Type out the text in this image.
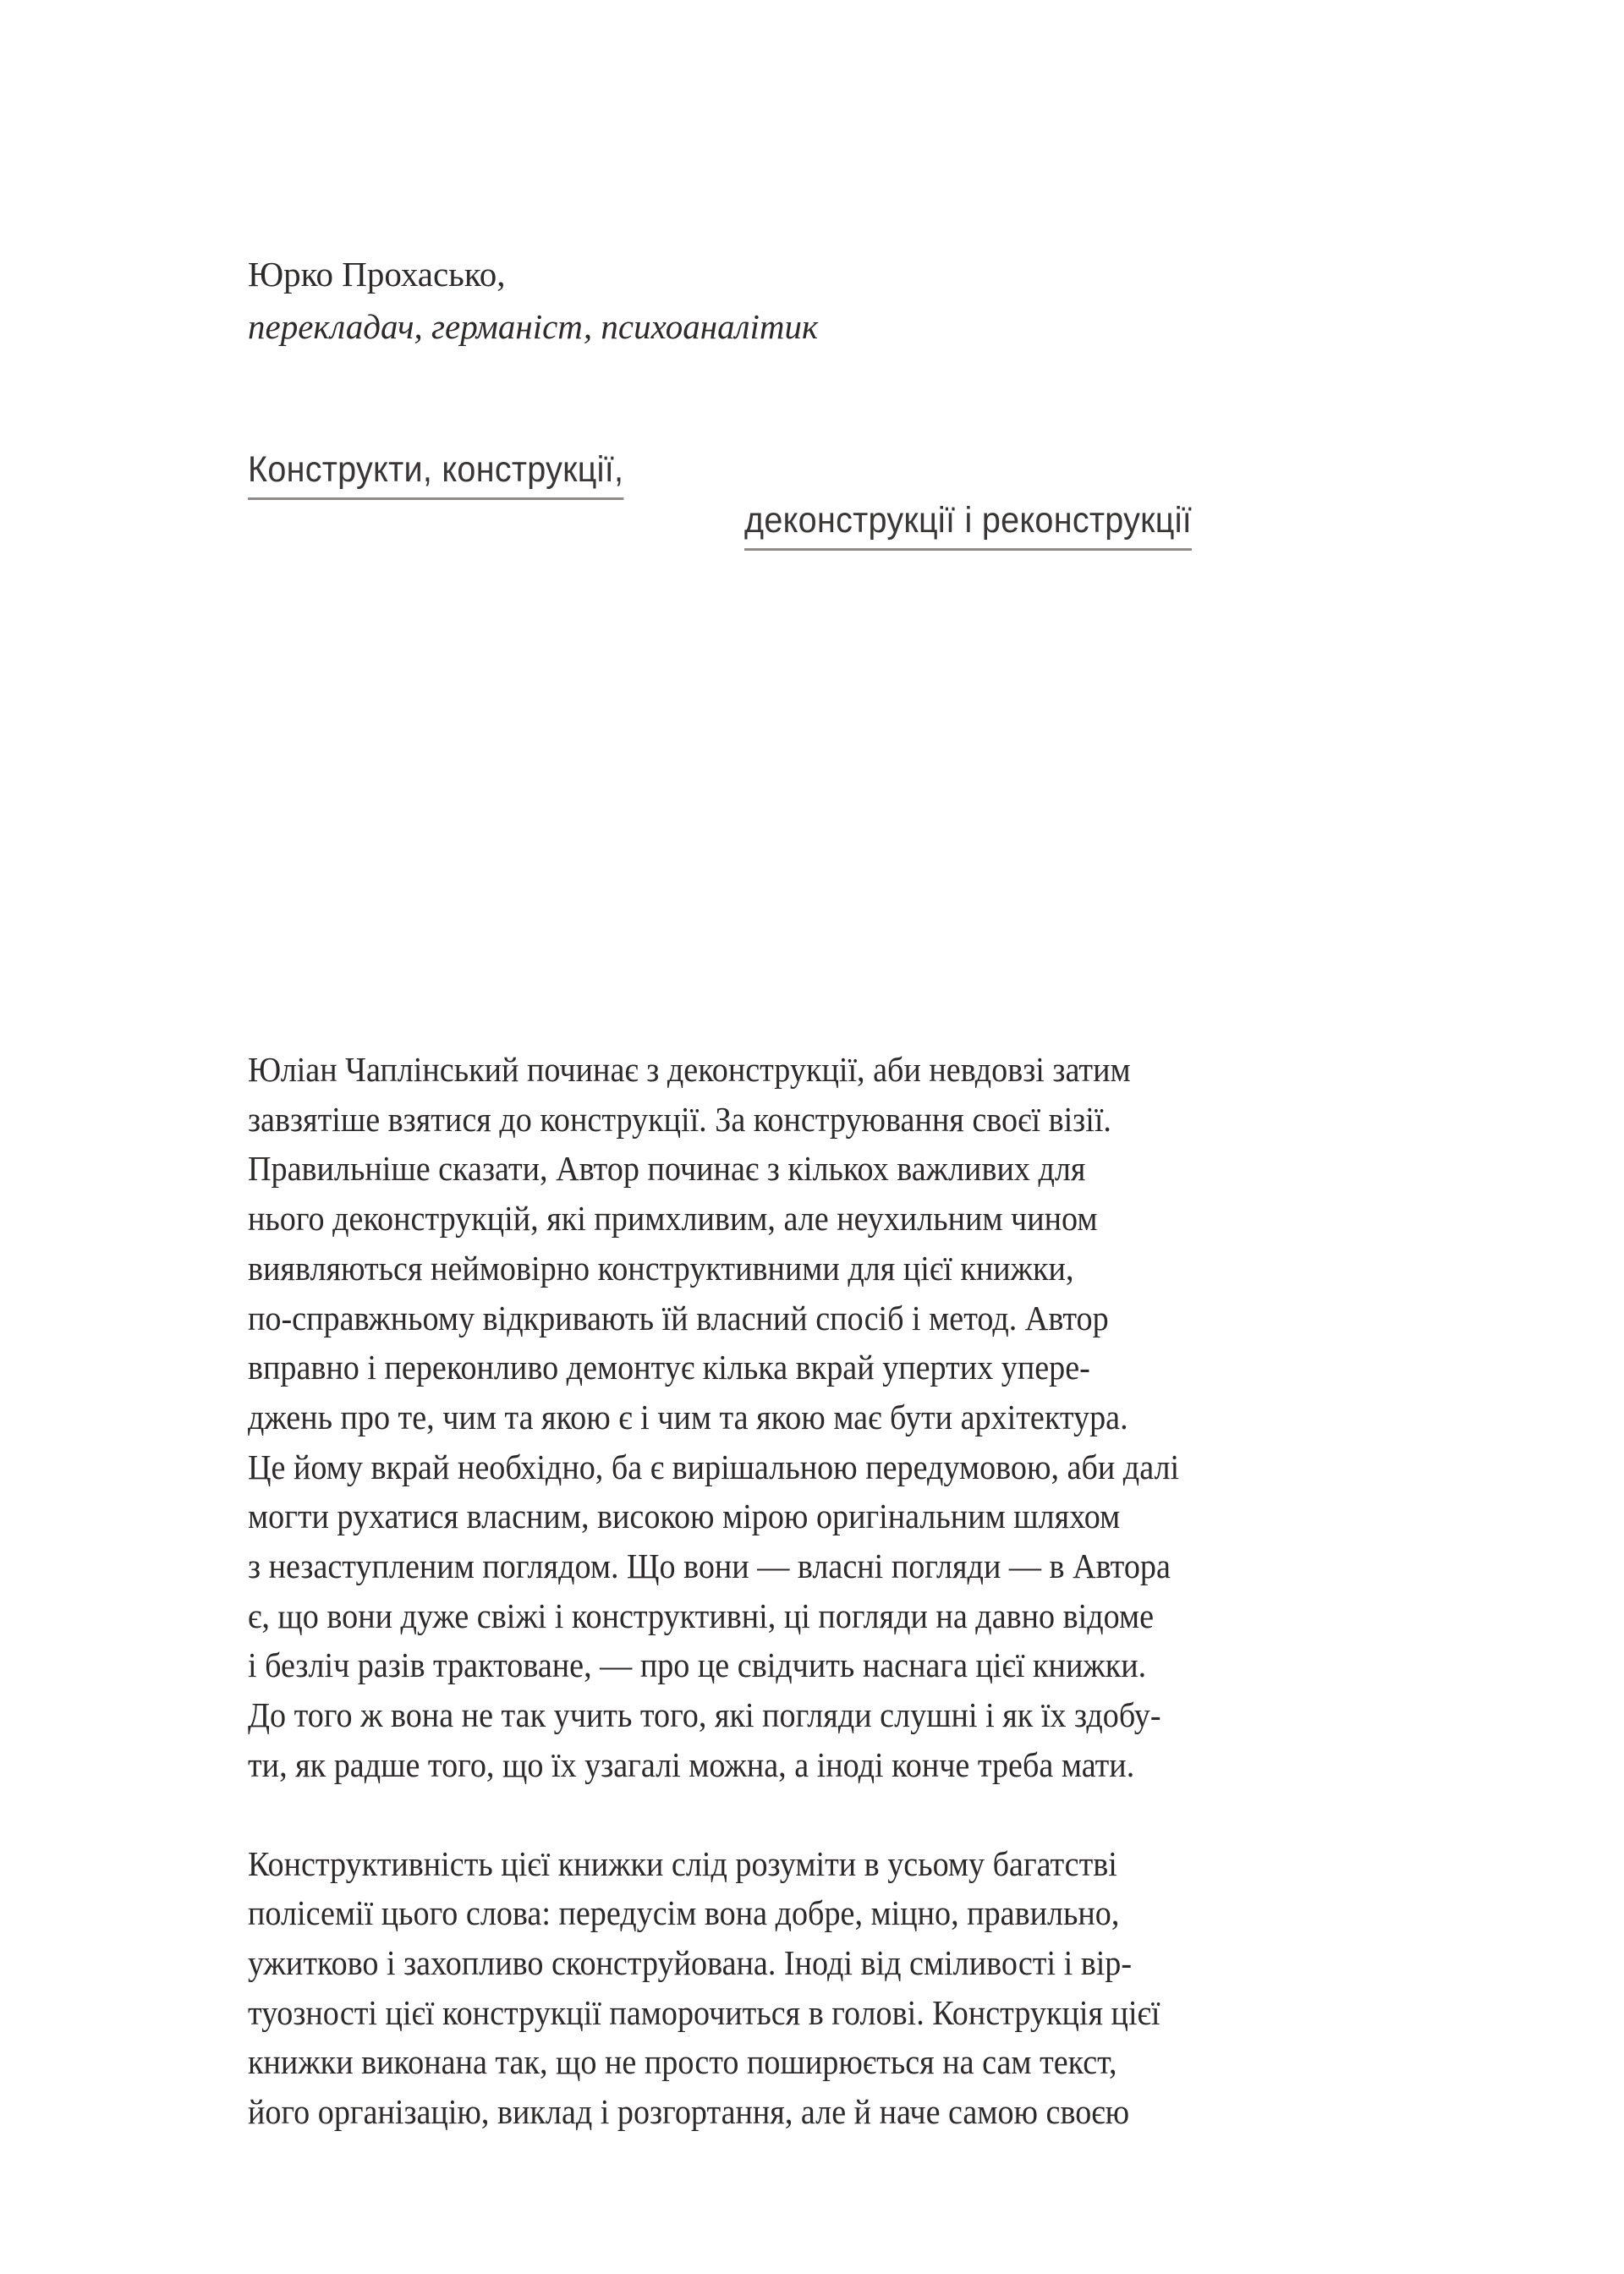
Юрко Прохасько,
перекладач, германіст, психоаналітик
Конструкти, конструкції,
деконструкції і реконструкції
Юліан Чаплінський починає з деконструкції, аби невдовзі затим
завзятіше взятися до конструкції. За конструювання своєї візії.
Правильніше сказати, Автор починає з кількох важливих для
нього деконструкцій, які примхливим, але неухильним чином
виявляються неймовірно конструктивними для цієї книжки,
по-справжньому відкривають їй власний спосіб і метод. Автор
вправно і переконливо демонтує кілька вкрай упертих упере-
джень про те, чим та якою є і чим та якою має бути архітектура.
Це йому вкрай необхідно, ба є вирішальною передумовою, аби далі
могти рухатися власним, високою мірою оригінальним шляхом
з незаступленим поглядом. Що вони — власні погляди — в Автора
є, що вони дуже свіжі і конструктивні, ці погляди на давно відоме
і безліч разів трактоване, — про це свідчить наснага цієї книжки.
До того ж вона не так учить того, які погляди слушні і як їх здобу-
ти, як радше того, що їх узагалі можна, а іноді конче треба мати.
Конструктивність цієї книжки слід розуміти в усьому багатстві
полісемії цього слова: передусім вона добре, міцно, правильно,
ужитково і захопливо сконструйована. Іноді від сміливості і вір-
туозності цієї конструкції паморочиться в голові. Конструкція цієї
книжки виконана так, що не просто поширюється на сам текст,
його організацію, виклад і розгортання, але й наче самою своєю
